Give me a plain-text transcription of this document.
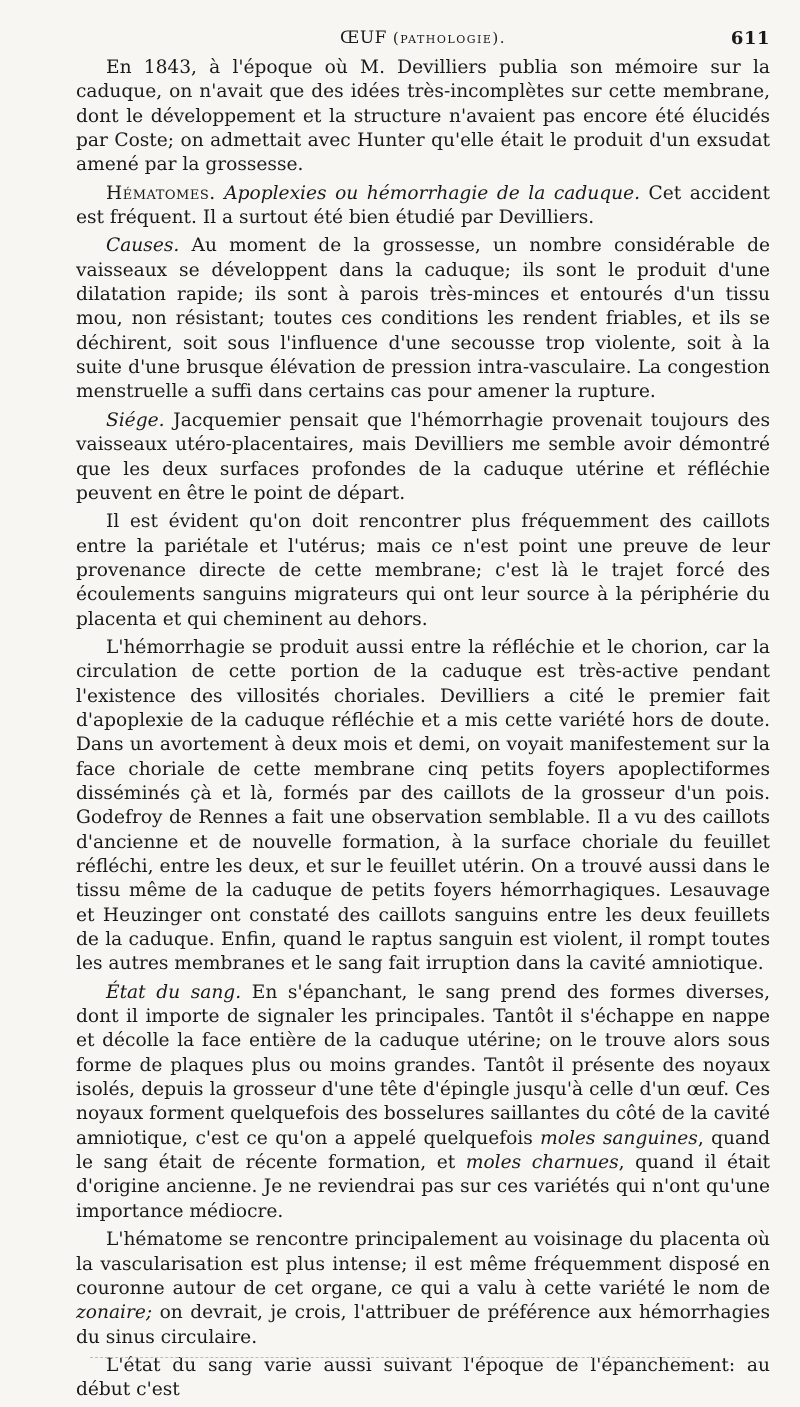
ŒUF (pathologie).	611

En 1843, à l'époque où M. Devilliers publia son mémoire sur la caduque, on n'avait que des idées très-incomplètes sur cette membrane, dont le développement et la structure n'avaient pas encore été élucidés par Coste; on admettait avec Hunter qu'elle était le produit d'un exsudat amené par la grossesse.

Hématomes. Apoplexies ou hémorrhagie de la caduque. Cet accident est fréquent. Il a surtout été bien étudié par Devilliers.

Causes. Au moment de la grossesse, un nombre considérable de vaisseaux se développent dans la caduque; ils sont le produit d'une dilatation rapide; ils sont à parois très-minces et entourés d'un tissu mou, non résistant; toutes ces conditions les rendent friables, et ils se déchirent, soit sous l'influence d'une secousse trop violente, soit à la suite d'une brusque élévation de pression intra-vasculaire. La congestion menstruelle a suffi dans certains cas pour amener la rupture.

Siége. Jacquemier pensait que l'hémorrhagie provenait toujours des vaisseaux utéro-placentaires, mais Devilliers me semble avoir démontré que les deux surfaces profondes de la caduque utérine et réfléchie peuvent en être le point de départ.

Il est évident qu'on doit rencontrer plus fréquemment des caillots entre la pariétale et l'utérus; mais ce n'est point une preuve de leur provenance directe de cette membrane; c'est là le trajet forcé des écoulements sanguins migrateurs qui ont leur source à la périphérie du placenta et qui cheminent au dehors.

L'hémorrhagie se produit aussi entre la réfléchie et le chorion, car la circulation de cette portion de la caduque est très-active pendant l'existence des villosités choriales. Devilliers a cité le premier fait d'apoplexie de la caduque réfléchie et a mis cette variété hors de doute. Dans un avortement à deux mois et demi, on voyait manifestement sur la face choriale de cette membrane cinq petits foyers apoplectiformes disséminés çà et là, formés par des caillots de la grosseur d'un pois. Godefroy de Rennes a fait une observation semblable. Il a vu des caillots d'ancienne et de nouvelle formation, à la surface choriale du feuillet réfléchi, entre les deux, et sur le feuillet utérin. On a trouvé aussi dans le tissu même de la caduque de petits foyers hémorrhagiques. Lesauvage et Heuzinger ont constaté des caillots sanguins entre les deux feuillets de la caduque. Enfin, quand le raptus sanguin est violent, il rompt toutes les autres membranes et le sang fait irruption dans la cavité amniotique.

État du sang. En s'épanchant, le sang prend des formes diverses, dont il importe de signaler les principales. Tantôt il s'échappe en nappe et décolle la face entière de la caduque utérine; on le trouve alors sous forme de plaques plus ou moins grandes. Tantôt il présente des noyaux isolés, depuis la grosseur d'une tête d'épingle jusqu'à celle d'un œuf. Ces noyaux forment quelquefois des bosselures saillantes du côté de la cavité amniotique, c'est ce qu'on a appelé quelquefois moles sanguines, quand le sang était de récente formation, et moles charnues, quand il était d'origine ancienne. Je ne reviendrai pas sur ces variétés qui n'ont qu'une importance médiocre.

L'hématome se rencontre principalement au voisinage du placenta où la vascularisation est plus intense; il est même fréquemment disposé en couronne autour de cet organe, ce qui a valu à cette variété le nom de zonaire; on devrait, je crois, l'attribuer de préférence aux hémorrhagies du sinus circulaire.

L'état du sang varie aussi suivant l'époque de l'épanchement: au début c'est
